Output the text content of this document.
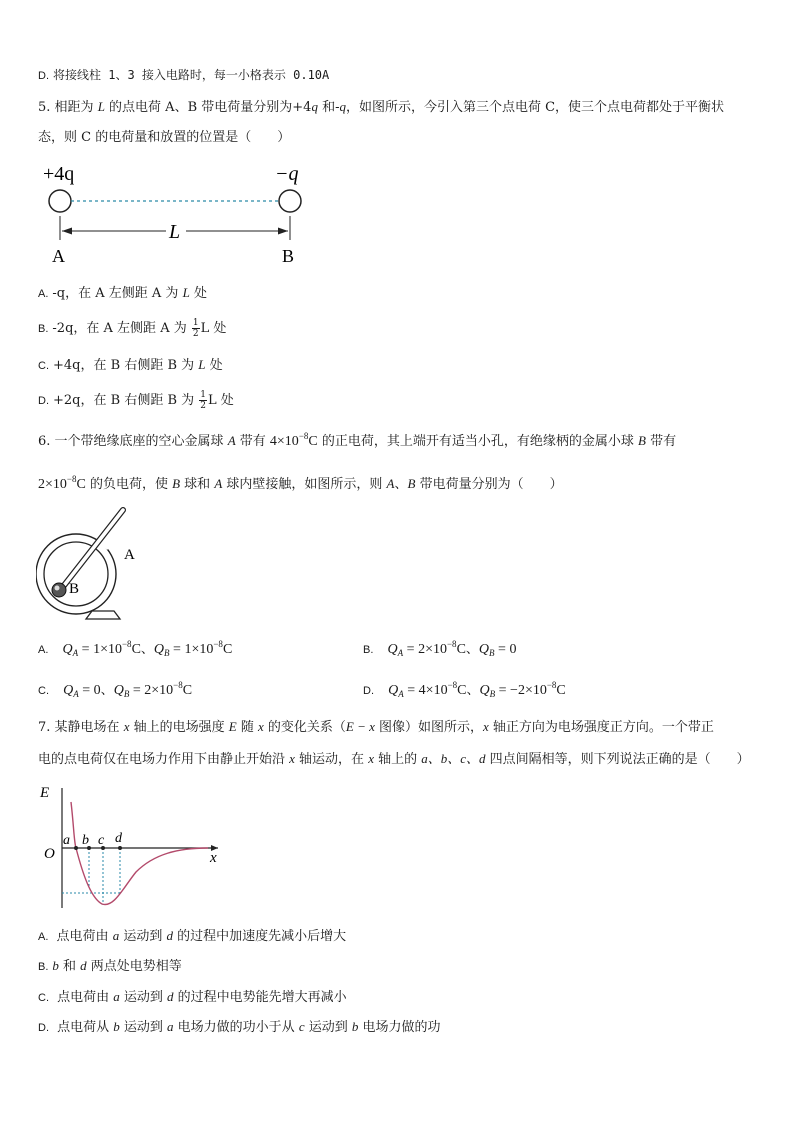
D. 将接线柱 1、3 接入电路时，每一小格表示 0.10A
5. 相距为 L 的点电荷 A、B 带电荷量分别为+4q 和-q，如图所示，今引入第三个点电荷 C，使三个点电荷都处于平衡状
态，则 C 的电荷量和放置的位置是（　　）
+4q	−q
L
A	B
A. -q，在 A 左侧距 A 为 L 处
B. -2q，在 A 左侧距 A 为 $\frac{1}{2}$ L 处
C. +4q，在 B 右侧距 B 为 L 处
D. +2q，在 B 右侧距 B 为 $\frac{1}{2}$ L 处
6. 一个带绝缘底座的空心金属球 A 带有 $4\times 10^{-8}C$ 的正电荷，其上端开有适当小孔，有绝缘柄的金属小球 B 带有
$2\times 10^{-8}C$ 的负电荷，使 B 球和 A 球内壁接触，如图所示，则 A、B 带电荷量分别为（　　）
A
B
A. $Q_A = 1\times 10^{-8}C$、$Q_B = 1\times 10^{-8}C$	B. $Q_A = 2\times 10^{-8}C$、$Q_B = 0$
C. $Q_A = 0$、$Q_B = 2\times 10^{-8}C$	D. $Q_A = 4\times 10^{-8}C$、$Q_B = -2\times 10^{-8}C$
7. 某静电场在 x 轴上的电场强度 E 随 x 的变化关系（E − x 图像）如图所示，x 轴正方向为电场强度正方向。一个带正
电的点电荷仅在电场力作用下由静止开始沿 x 轴运动，在 x 轴上的 a、b、c、d 四点间隔相等，则下列说法正确的是（　　）
E
O	x
a b c d
A. 点电荷由 a 运动到 d 的过程中加速度先减小后增大
B. b 和 d 两点处电势相等
C. 点电荷由 a 运动到 d 的过程中电势能先增大再减小
D. 点电荷从 b 运动到 a 电场力做的功小于从 c 运动到 b 电场力做的功
